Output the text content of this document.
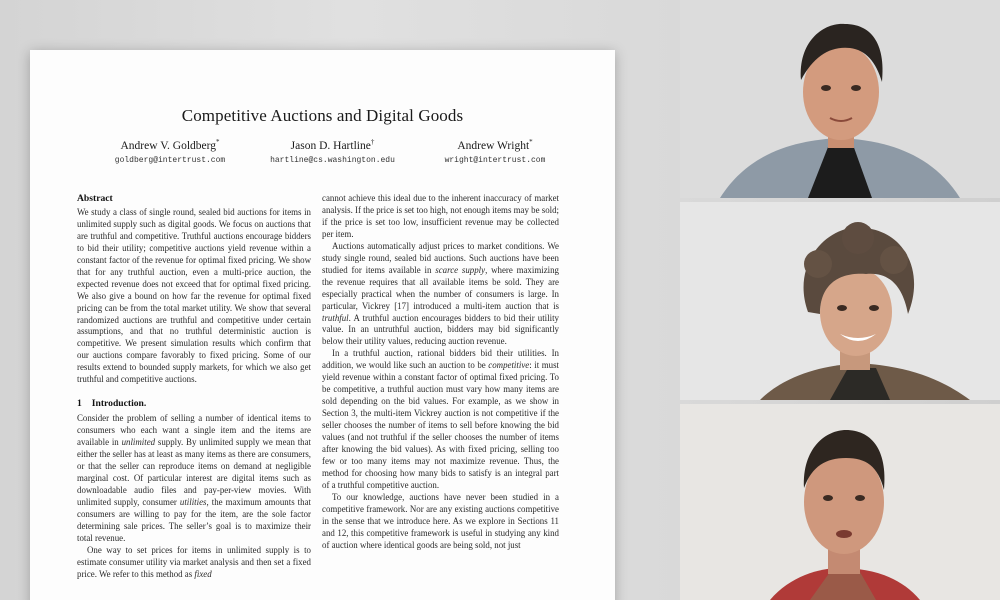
Competitive Auctions and Digital Goods
Andrew V. Goldberg*
goldberg@intertrust.com
Jason D. Hartline†
hartline@cs.washington.edu
Andrew Wright*
wright@intertrust.com
Abstract

We study a class of single round, sealed bid auctions for items in unlimited supply such as digital goods. We focus on auctions that are truthful and competitive. Truthful auctions encourage bidders to bid their utility; competitive auctions yield revenue within a constant factor of the revenue for optimal fixed pricing. We show that for any truthful auction, even a multi-price auction, the expected revenue does not exceed that for optimal fixed pricing. We also give a bound on how far the revenue for optimal fixed pricing can be from the total market utility. We show that several randomized auctions are truthful and competitive under certain assumptions, and that no truthful deterministic auction is competitive. We present simulation results which confirm that our auctions compare favorably to fixed pricing. Some of our results extend to bounded supply markets, for which we also get truthful and competitive auctions.

1 Introduction.

Consider the problem of selling a number of identical items to consumers who each want a single item and the items are available in unlimited supply. By unlimited supply we mean that either the seller has at least as many items as there are consumers, or that the seller can reproduce items on demand at negligible marginal cost. Of particular interest are digital items such as downloadable audio files and pay-per-view movies. With unlimited supply, consumer utilities, the maximum amounts that consumers are willing to pay for the item, are the sole factor determining sale prices. The seller’s goal is to maximize their total revenue.

One way to set prices for items in unlimited supply is to estimate consumer utility via market analysis and then set a fixed price. We refer to this method as fixed

cannot achieve this ideal due to the inherent inaccuracy of market analysis. If the price is set too high, not enough items may be sold; if the price is set too low, insufficient revenue may be collected per item.

Auctions automatically adjust prices to market conditions. We study single round, sealed bid auctions. Such auctions have been studied for items available in scarce supply, where maximizing the revenue requires that all available items be sold. They are especially practical when the number of consumers is large. In particular, Vickrey [17] introduced a multi-item auction that is truthful. A truthful auction encourages bidders to bid their utility value. In an untruthful auction, bidders may bid significantly below their utility values, reducing auction revenue.

In a truthful auction, rational bidders bid their utilities. In addition, we would like such an auction to be competitive: it must yield revenue within a constant factor of optimal fixed pricing. To be competitive, a truthful auction must vary how many items are sold depending on the bid values. For example, as we show in Section 3, the multi-item Vickrey auction is not competitive if the seller chooses the number of items to sell before knowing the bid values (and not truthful if the seller chooses the number of items after knowing the bid values). As with fixed pricing, selling too few or too many items may not maximize revenue. Thus, the method for choosing how many bids to satisfy is an integral part of a truthful competitive auction.

To our knowledge, auctions have never been studied in a competitive framework. Nor are any existing auctions competitive in the sense that we introduce here. As we explore in Sections 11 and 12, this competitive framework is useful in studying any kind of auction where identical goods are being sold, not just
